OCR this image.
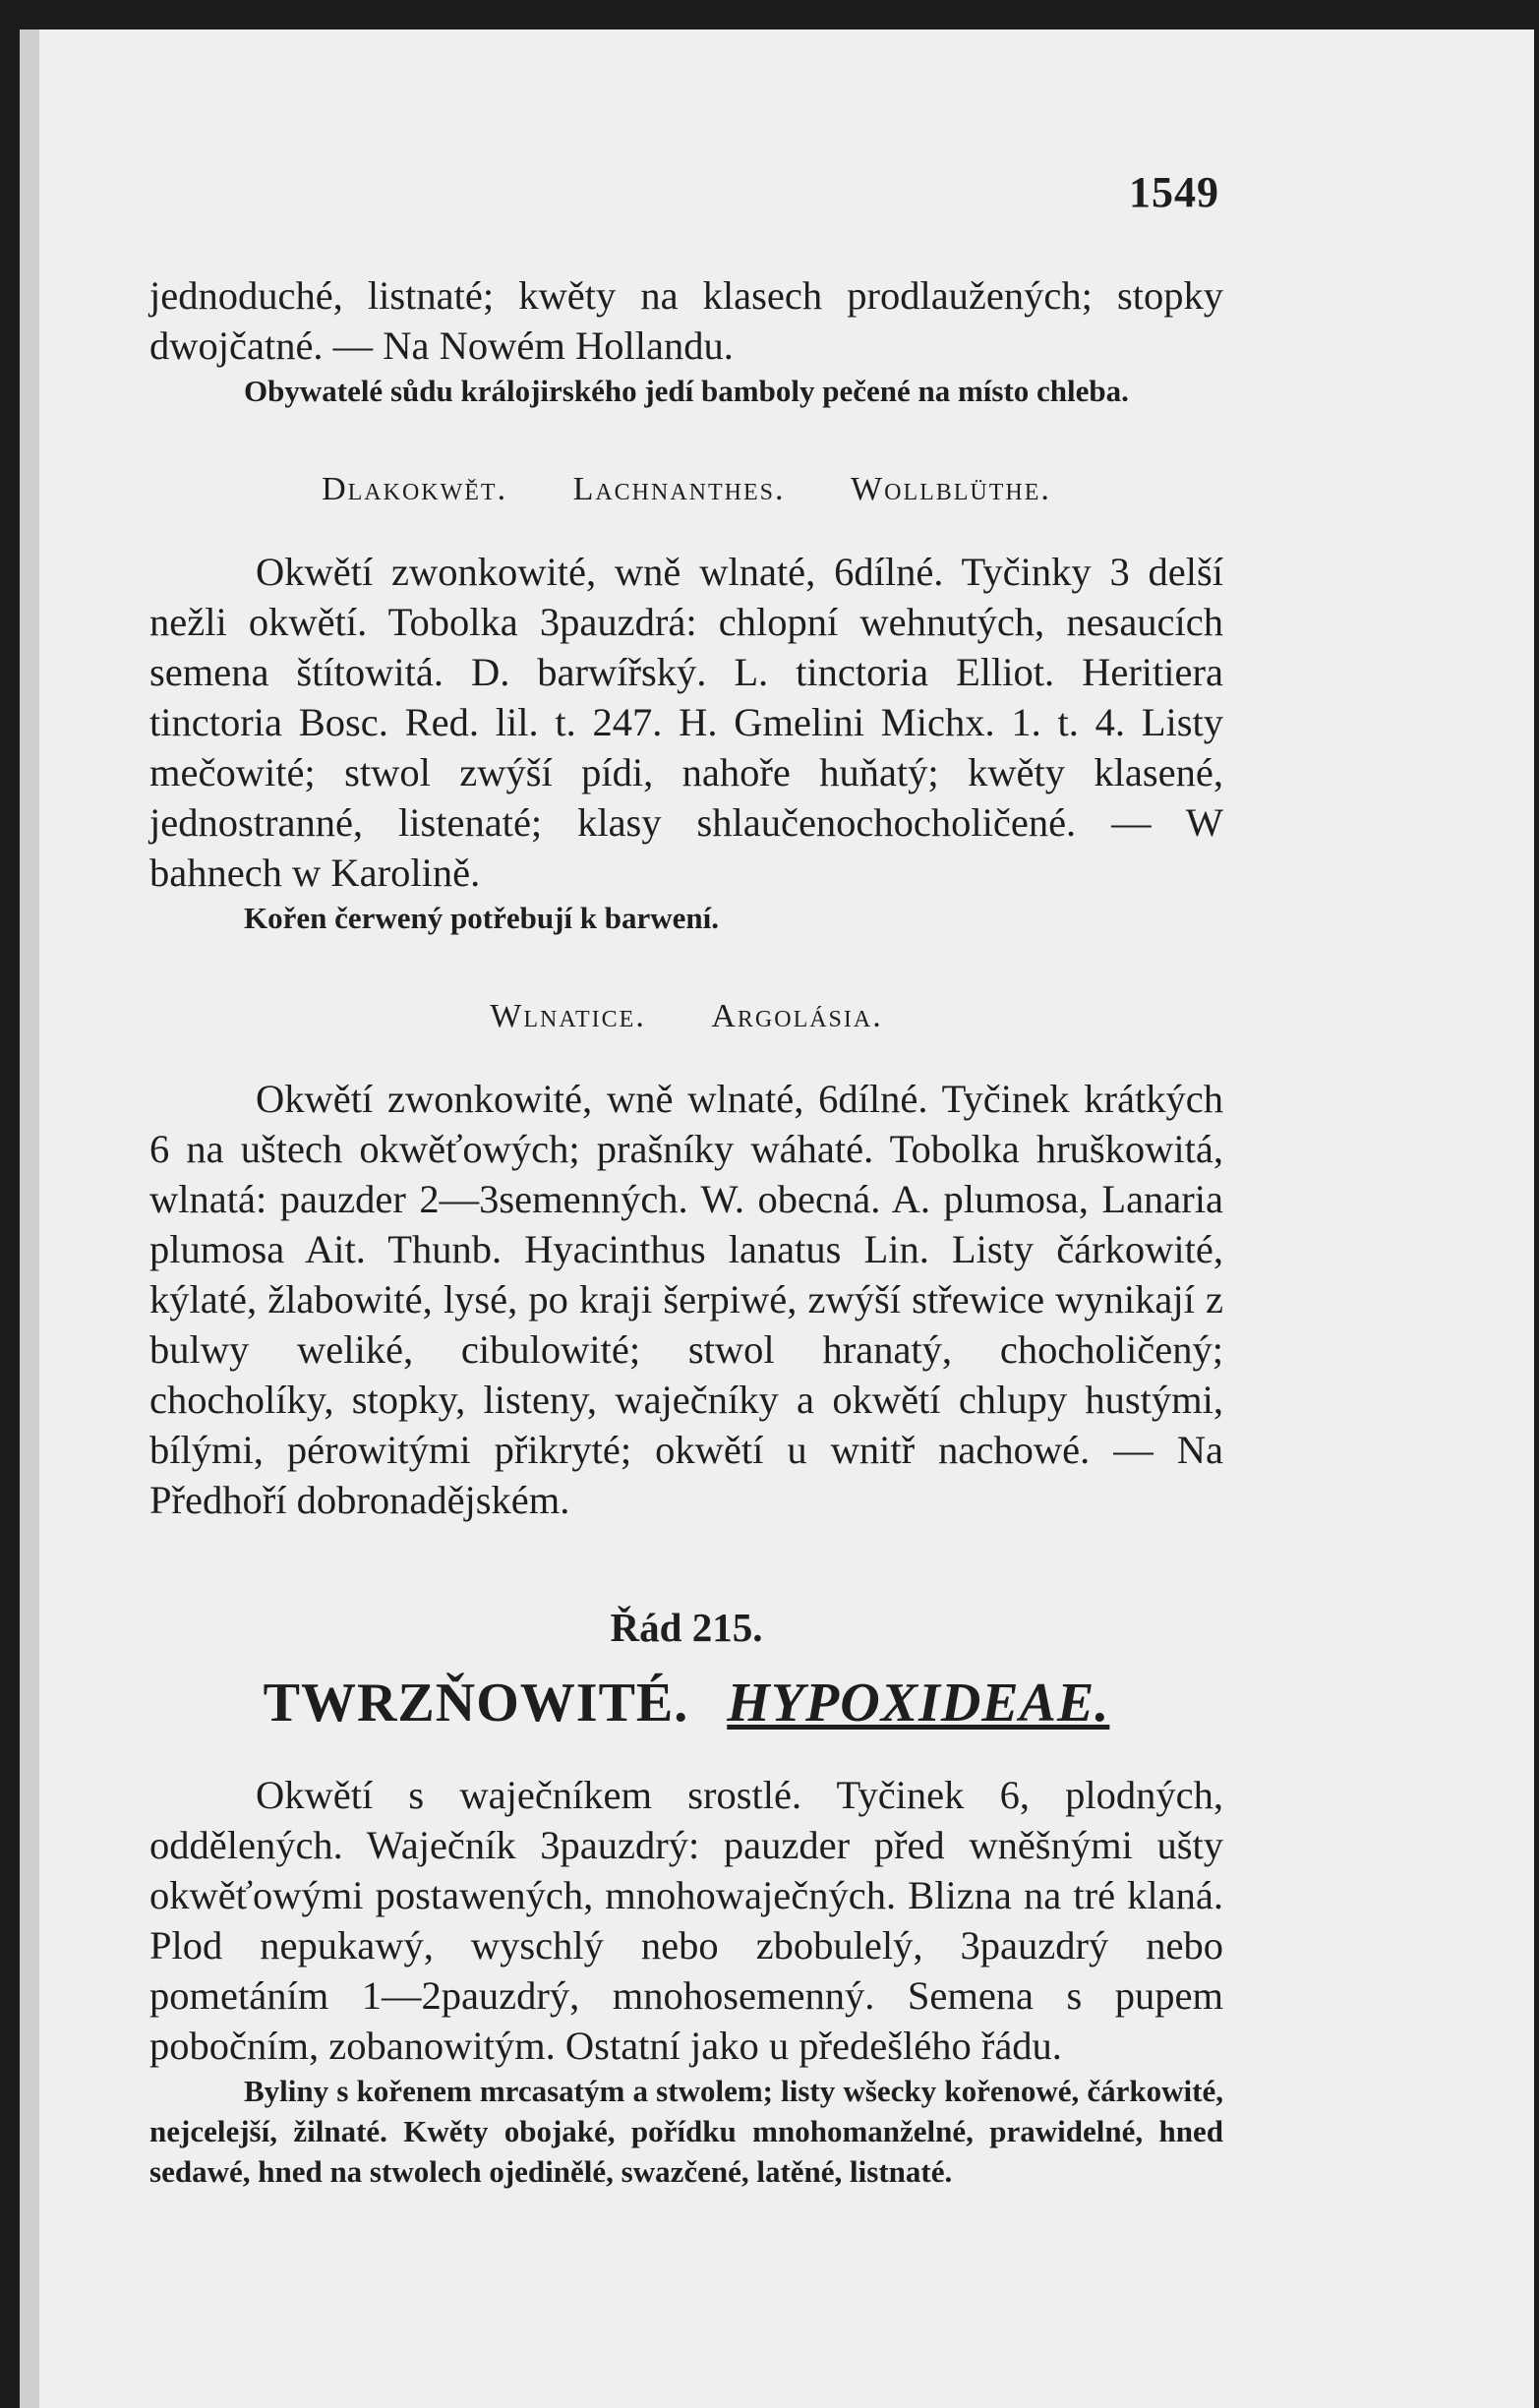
1549

jednoduché, listnaté; kwěty na klasech prodlaužených; stopky dwojčatné. — Na Nowém Hollandu.

Obywatelé sůdu králojirského jedí bamboly pečené na místo chleba.

Dlakokwět. Lachnanthes. Wollblüthe.

Okwětí zwonkowité, wně wlnaté, 6dílné. Tyčinky 3 delší nežli okwětí. Tobolka 3pauzdrá: chlopní wehnutých, nesaucích semena štítowitá. D. barwířský. L. tinctoria Elliot. Heritiera tinctoria Bosc. Red. lil. t. 247. H. Gmelini Michx. 1. t. 4. Listy mečowité; stwol zwýší pídi, nahoře huňatý; kwěty klasené, jednostranné, listenaté; klasy shlaučenochocholičené. — W bahnech w Karolině.

Kořen čerwený potřebují k barwení.

Wlnatice. Argolásia.

Okwětí zwonkowité, wně wlnaté, 6dílné. Tyčinek krátkých 6 na uštech okwěťowých; prašníky wáhaté. Tobolka hruškowitá, wlnatá: pauzder 2—3semenných. W. obecná. A. plumosa, Lanaria plumosa Ait. Thunb. Hyacinthus lanatus Lin. Listy čárkowité, kýlaté, žlabowité, lysé, po kraji šerpiwé, zwýší střewice wynikají z bulwy weliké, cibulowité; stwol hranatý, chocholičený; chocholíky, stopky, listeny, waječníky a okwětí chlupy hustými, bílými, pérowitými přikryté; okwětí u wnitř nachowé. — Na Předhoří dobronadějském.

Řád 215.
TWRZŇOWITÉ. HYPOXIDEAE.

Okwětí s waječníkem srostlé. Tyčinek 6, plodných, oddělených. Waječník 3pauzdrý: pauzder před wněšnými ušty okwěťowými postawených, mnohowaječných. Blizna na tré klaná. Plod nepukawý, wyschlý nebo zbobulelý, 3pauzdrý nebo pometáním 1—2pauzdrý, mnohosemenný. Semena s pupem pobočním, zobanowitým. Ostatní jako u předešlého řádu.

Byliny s kořenem mrcasatým a stwolem; listy wšecky kořenowé, čárkowité, nejcelejší, žilnaté. Kwěty obojaké, pořídku mnohomanželné, prawidelné, hned sedawé, hned na stwolech ojedinělé, swazčené, latěné, listnaté.
